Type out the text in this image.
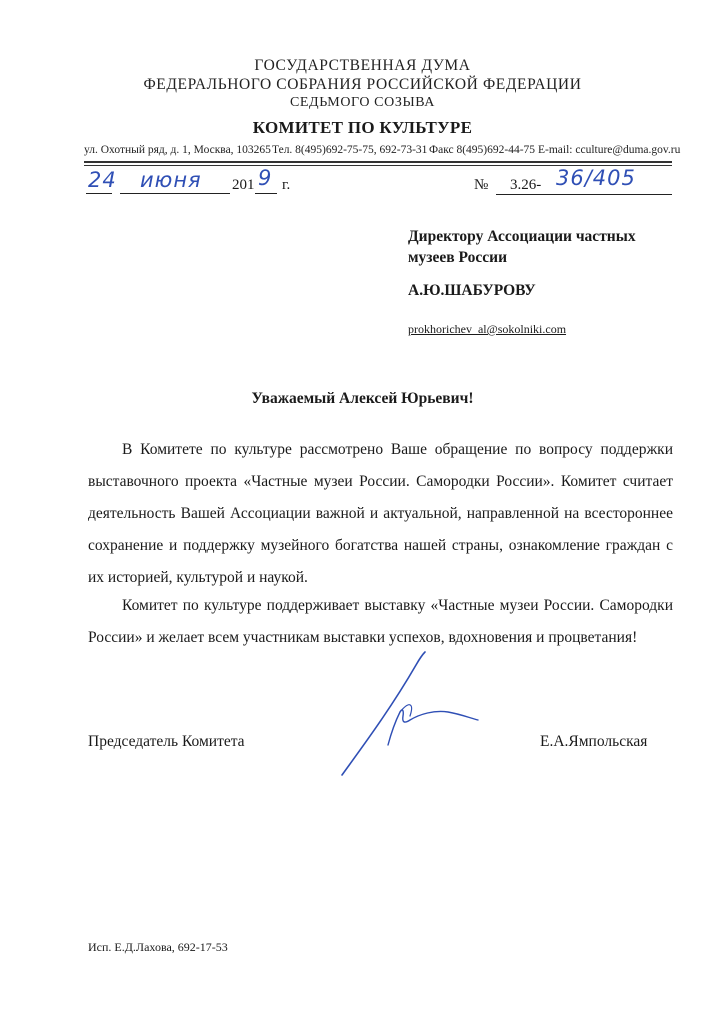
ГОСУДАРСТВЕННАЯ ДУМА
ФЕДЕРАЛЬНОГО СОБРАНИЯ РОССИЙСКОЙ ФЕДЕРАЦИИ
СЕДЬМОГО СОЗЫВА
КОМИТЕТ ПО КУЛЬТУРЕ
ул. Охотный ряд, д. 1, Москва, 103265 Тел. 8(495)692-75-75, 692-73-31 Факс 8(495)692-44-75 E-mail: cculture@duma.gov.ru
24 июня 201 9 г.	№ 3.26- 36/405
Директору Ассоциации частных музеев России
А.Ю.ШАБУРОВУ
prokhorichev_al@sokolniki.com
Уважаемый Алексей Юрьевич!
В Комитете по культуре рассмотрено Ваше обращение по вопросу поддержки выставочного проекта «Частные музеи России. Самородки России». Комитет считает деятельность Вашей Ассоциации важной и актуальной, направленной на всестороннее сохранение и поддержку музейного богатства нашей страны, ознакомление граждан с их историей, культурой и наукой.
Комитет по культуре поддерживает выставку «Частные музеи России. Самородки России» и желает всем участникам выставки успехов, вдохновения и процветания!
Председатель Комитета	Е.А.Ямпольская
Исп. Е.Д.Лахова, 692-17-53
